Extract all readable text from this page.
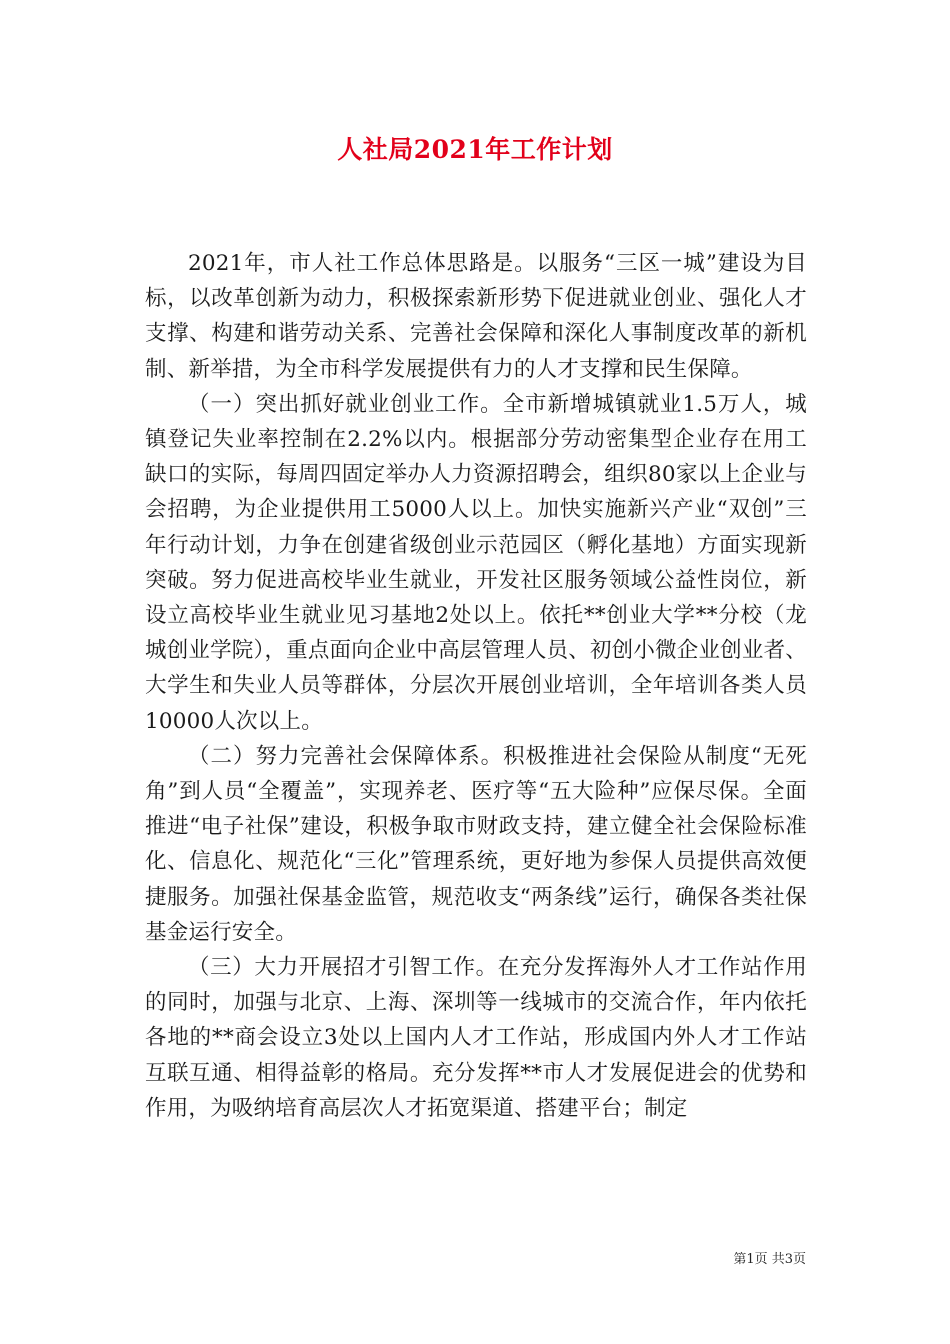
人社局2021年工作计划

2021年，市人社工作总体思路是。以服务“三区一城”建设为目标，以改革创新为动力，积极探索新形势下促进就业创业、强化人才支撑、构建和谐劳动关系、完善社会保障和深化人事制度改革的新机制、新举措，为全市科学发展提供有力的人才支撑和民生保障。

（一）突出抓好就业创业工作。全市新增城镇就业1.5万人，城镇登记失业率控制在2.2%以内。根据部分劳动密集型企业存在用工缺口的实际，每周四固定举办人力资源招聘会，组织80家以上企业与会招聘，为企业提供用工5000人以上。加快实施新兴产业“双创”三年行动计划，力争在创建省级创业示范园区（孵化基地）方面实现新突破。努力促进高校毕业生就业，开发社区服务领域公益性岗位，新设立高校毕业生就业见习基地2处以上。依托**创业大学**分校（龙城创业学院），重点面向企业中高层管理人员、初创小微企业创业者、大学生和失业人员等群体，分层次开展创业培训，全年培训各类人员10000人次以上。

（二）努力完善社会保障体系。积极推进社会保险从制度“无死角”到人员“全覆盖”，实现养老、医疗等“五大险种”应保尽保。全面推进“电子社保”建设，积极争取市财政支持，建立健全社会保险标准化、信息化、规范化“三化”管理系统，更好地为参保人员提供高效便捷服务。加强社保基金监管，规范收支“两条线”运行，确保各类社保基金运行安全。

（三）大力开展招才引智工作。在充分发挥海外人才工作站作用的同时，加强与北京、上海、深圳等一线城市的交流合作，年内依托各地的**商会设立3处以上国内人才工作站，形成国内外人才工作站互联互通、相得益彰的格局。充分发挥**市人才发展促进会的优势和作用，为吸纳培育高层次人才拓宽渠道、搭建平台；制定

第1页 共3页
